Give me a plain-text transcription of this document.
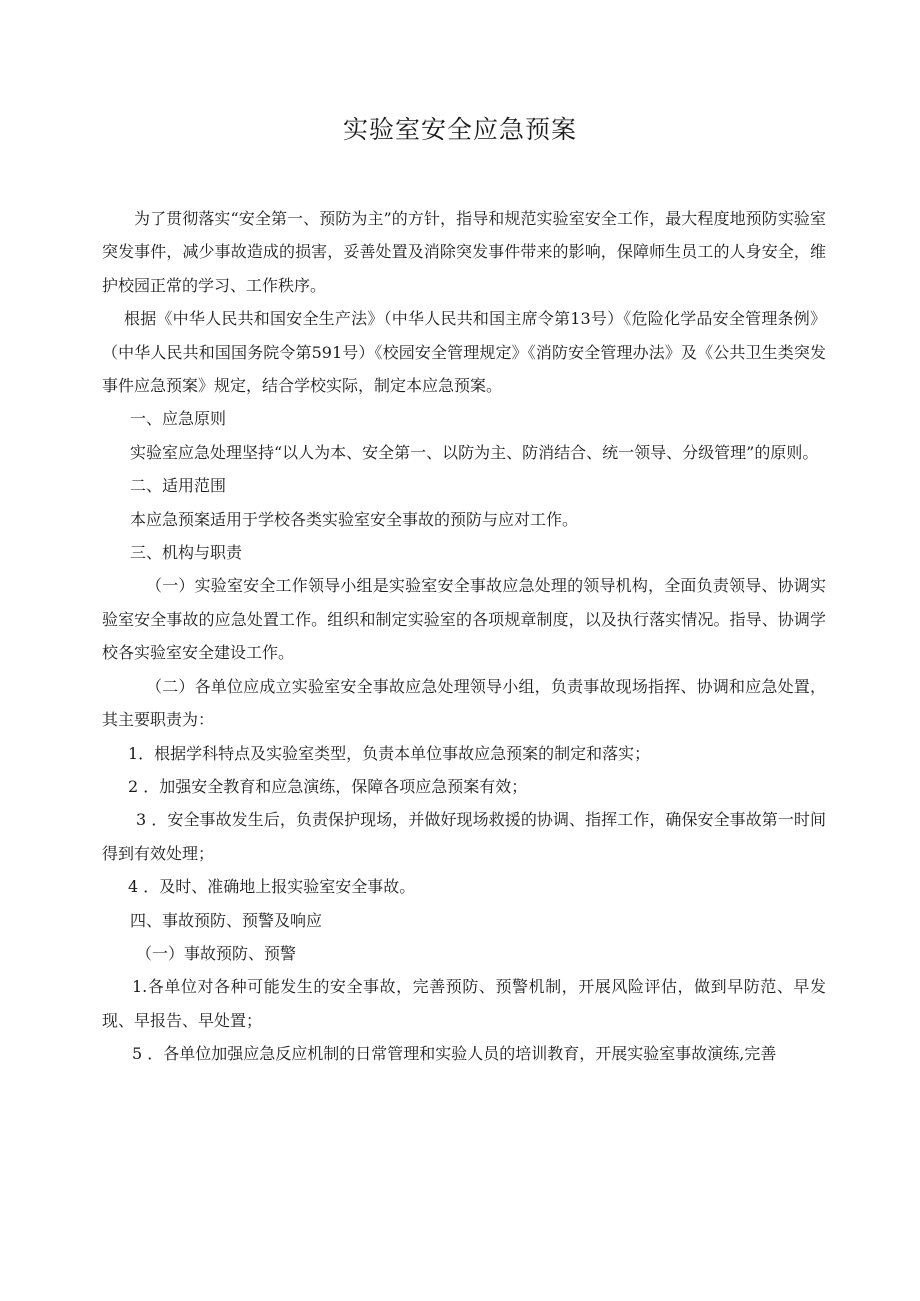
实验室安全应急预案

为了贯彻落实“安全第一、预防为主”的方针，指导和规范实验室安全工作，最大程度地预防实验室突发事件，减少事故造成的损害，妥善处置及消除突发事件带来的影响，保障师生员工的人身安全，维护校园正常的学习、工作秩序。

根据《中华人民共和国安全生产法》（中华人民共和国主席令第13号）《危险化学品安全管理条例》（中华人民共和国国务院令第591号）《校园安全管理规定》《消防安全管理办法》及《公共卫生类突发事件应急预案》规定，结合学校实际，制定本应急预案。

一、应急原则

实验室应急处理坚持“以人为本、安全第一、以防为主、防消结合、统一领导、分级管理”的原则。

二、适用范围

本应急预案适用于学校各类实验室安全事故的预防与应对工作。

三、机构与职责

（一）实验室安全工作领导小组是实验室安全事故应急处理的领导机构，全面负责领导、协调实验室安全事故的应急处置工作。组织和制定实验室的各项规章制度，以及执行落实情况。指导、协调学校各实验室安全建设工作。

（二）各单位应成立实验室安全事故应急处理领导小组，负责事故现场指挥、协调和应急处置，其主要职责为：

1．根据学科特点及实验室类型，负责本单位事故应急预案的制定和落实；

2 ．加强安全教育和应急演练，保障各项应急预案有效；

3 ．安全事故发生后，负责保护现场，并做好现场救援的协调、指挥工作，确保安全事故第一时间得到有效处理；

4 ．及时、准确地上报实验室安全事故。

四、事故预防、预警及响应

（一）事故预防、预警

1.各单位对各种可能发生的安全事故，完善预防、预警机制，开展风险评估，做到早防范、早发现、早报告、早处置；

5 ．各单位加强应急反应机制的日常管理和实验人员的培训教育，开展实验室事故演练,完善
